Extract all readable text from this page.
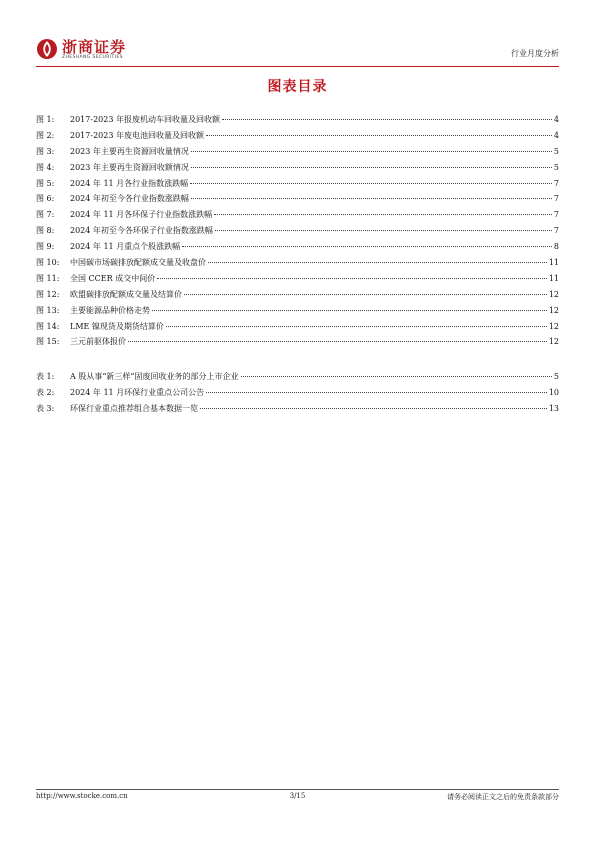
浙商证券
ZHESHANG SECURITIES	行业月度分析
图表目录
图 1:	2017-2023 年报废机动车回收量及回收额	4
图 2:	2017-2023 年废电池回收量及回收额	4
图 3:	2023 年主要再生资源回收量情况	5
图 4:	2023 年主要再生资源回收额情况	5
图 5:	2024 年 11 月各行业指数涨跌幅	7
图 6:	2024 年初至今各行业指数涨跌幅	7
图 7:	2024 年 11 月各环保子行业指数涨跌幅	7
图 8:	2024 年初至今各环保子行业指数涨跌幅	7
图 9:	2024 年 11 月重点个股涨跌幅	8
图 10:	中国碳市场碳排放配额成交量及收盘价	11
图 11:	全国 CCER 成交中间价	11
图 12:	欧盟碳排放配额成交量及结算价	12
图 13:	主要能源品种价格走势	12
图 14:	LME 镍现货及期货结算价	12
图 15:	三元前驱体报价	12
表 1:	A 股从事“新三样”固废回收业务的部分上市企业	5
表 2:	2024 年 11 月环保行业重点公司公告	10
表 3:	环保行业重点推荐组合基本数据一览	13
http://www.stocke.com.cn	3/15	请务必阅读正文之后的免责条款部分
